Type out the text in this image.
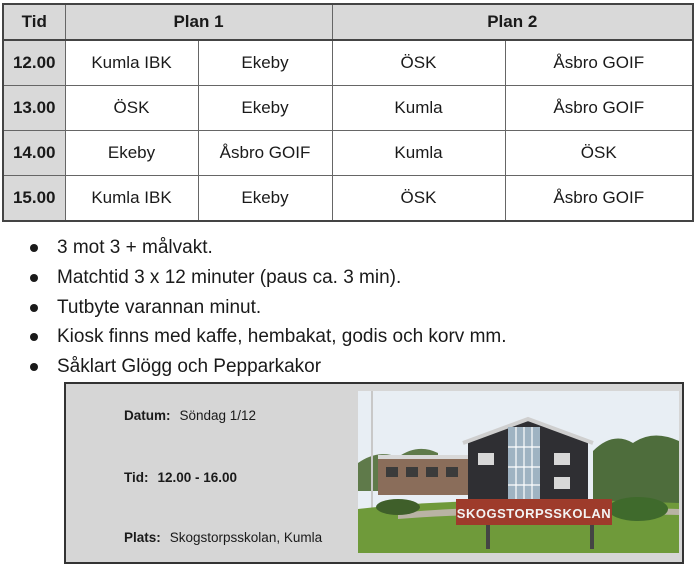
Tid	Plan 1		Plan 2	
12.00	Kumla IBK	Ekeby	ÖSK	Åsbro GOIF
13.00	ÖSK	Ekeby	Kumla	Åsbro GOIF
14.00	Ekeby	Åsbro GOIF	Kumla	ÖSK
15.00	Kumla IBK	Ekeby	ÖSK	Åsbro GOIF
3 mot 3 + målvakt.
Matchtid 3 x 12 minuter (paus ca. 3 min).
Tutbyte varannan minut.
Kiosk finns med kaffe, hembakat, godis och korv mm.
Såklart Glögg och Pepparkakor
Datum: Söndag 1/12
Tid: 12.00 - 16.00
Plats: Skogstorpsskolan, Kumla
SKOGSTORPSSKOLAN
